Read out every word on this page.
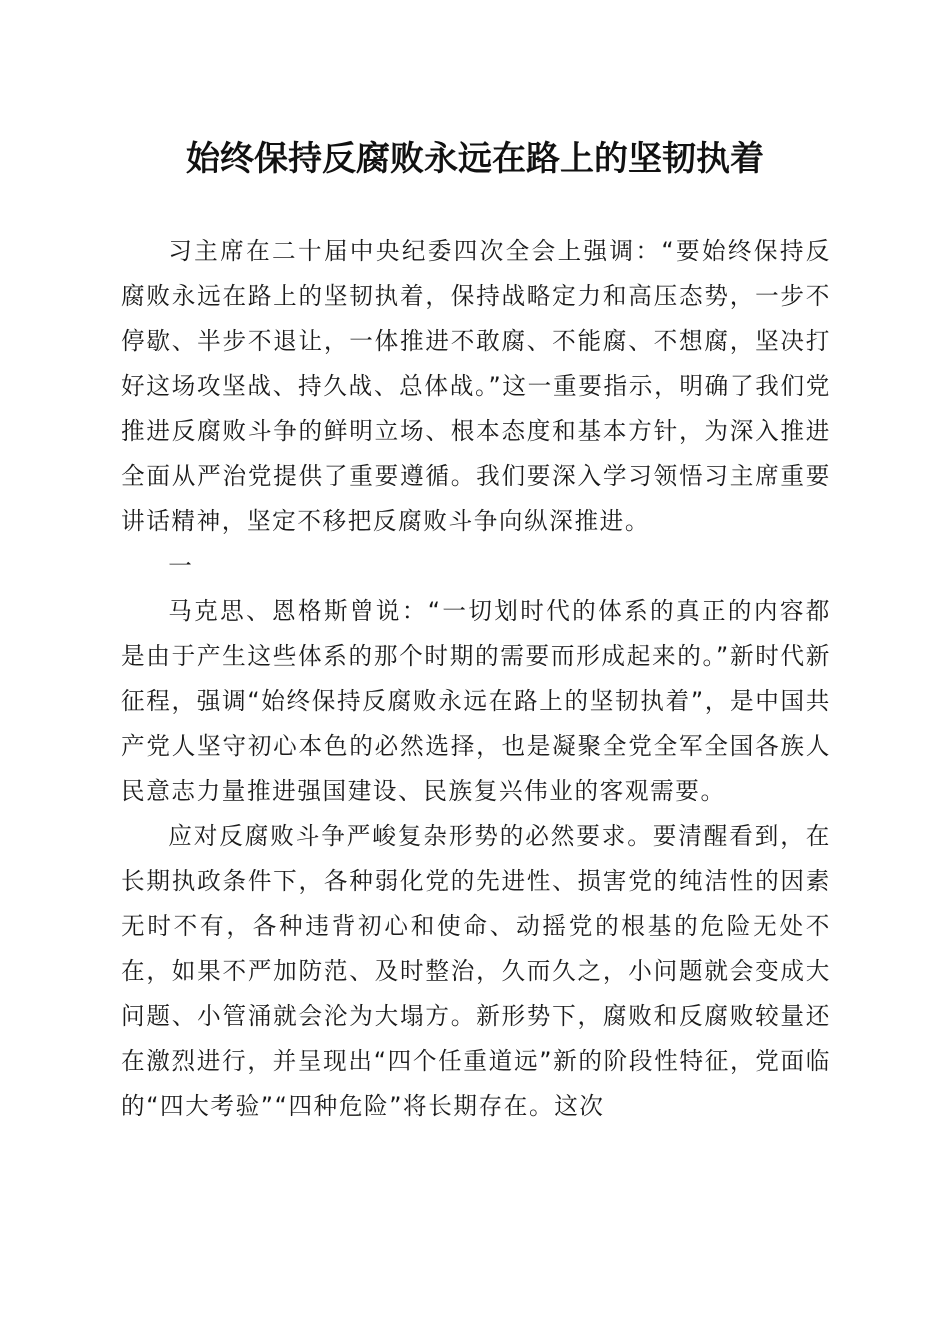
始终保持反腐败永远在路上的坚韧执着

习主席在二十届中央纪委四次全会上强调：“要始终保持反腐败永远在路上的坚韧执着，保持战略定力和高压态势，一步不停歇、半步不退让，一体推进不敢腐、不能腐、不想腐，坚决打好这场攻坚战、持久战、总体战。”这一重要指示，明确了我们党推进反腐败斗争的鲜明立场、根本态度和基本方针，为深入推进全面从严治党提供了重要遵循。我们要深入学习领悟习主席重要讲话精神，坚定不移把反腐败斗争向纵深推进。

一

马克思、恩格斯曾说：“一切划时代的体系的真正的内容都是由于产生这些体系的那个时期的需要而形成起来的。”新时代新征程，强调“始终保持反腐败永远在路上的坚韧执着”，是中国共产党人坚守初心本色的必然选择，也是凝聚全党全军全国各族人民意志力量推进强国建设、民族复兴伟业的客观需要。

应对反腐败斗争严峻复杂形势的必然要求。要清醒看到，在长期执政条件下，各种弱化党的先进性、损害党的纯洁性的因素无时不有，各种违背初心和使命、动摇党的根基的危险无处不在，如果不严加防范、及时整治，久而久之，小问题就会变成大问题、小管涌就会沦为大塌方。新形势下，腐败和反腐败较量还在激烈进行，并呈现出“四个任重道远”新的阶段性特征，党面临的“四大考验”“四种危险”将长期存在。这次
